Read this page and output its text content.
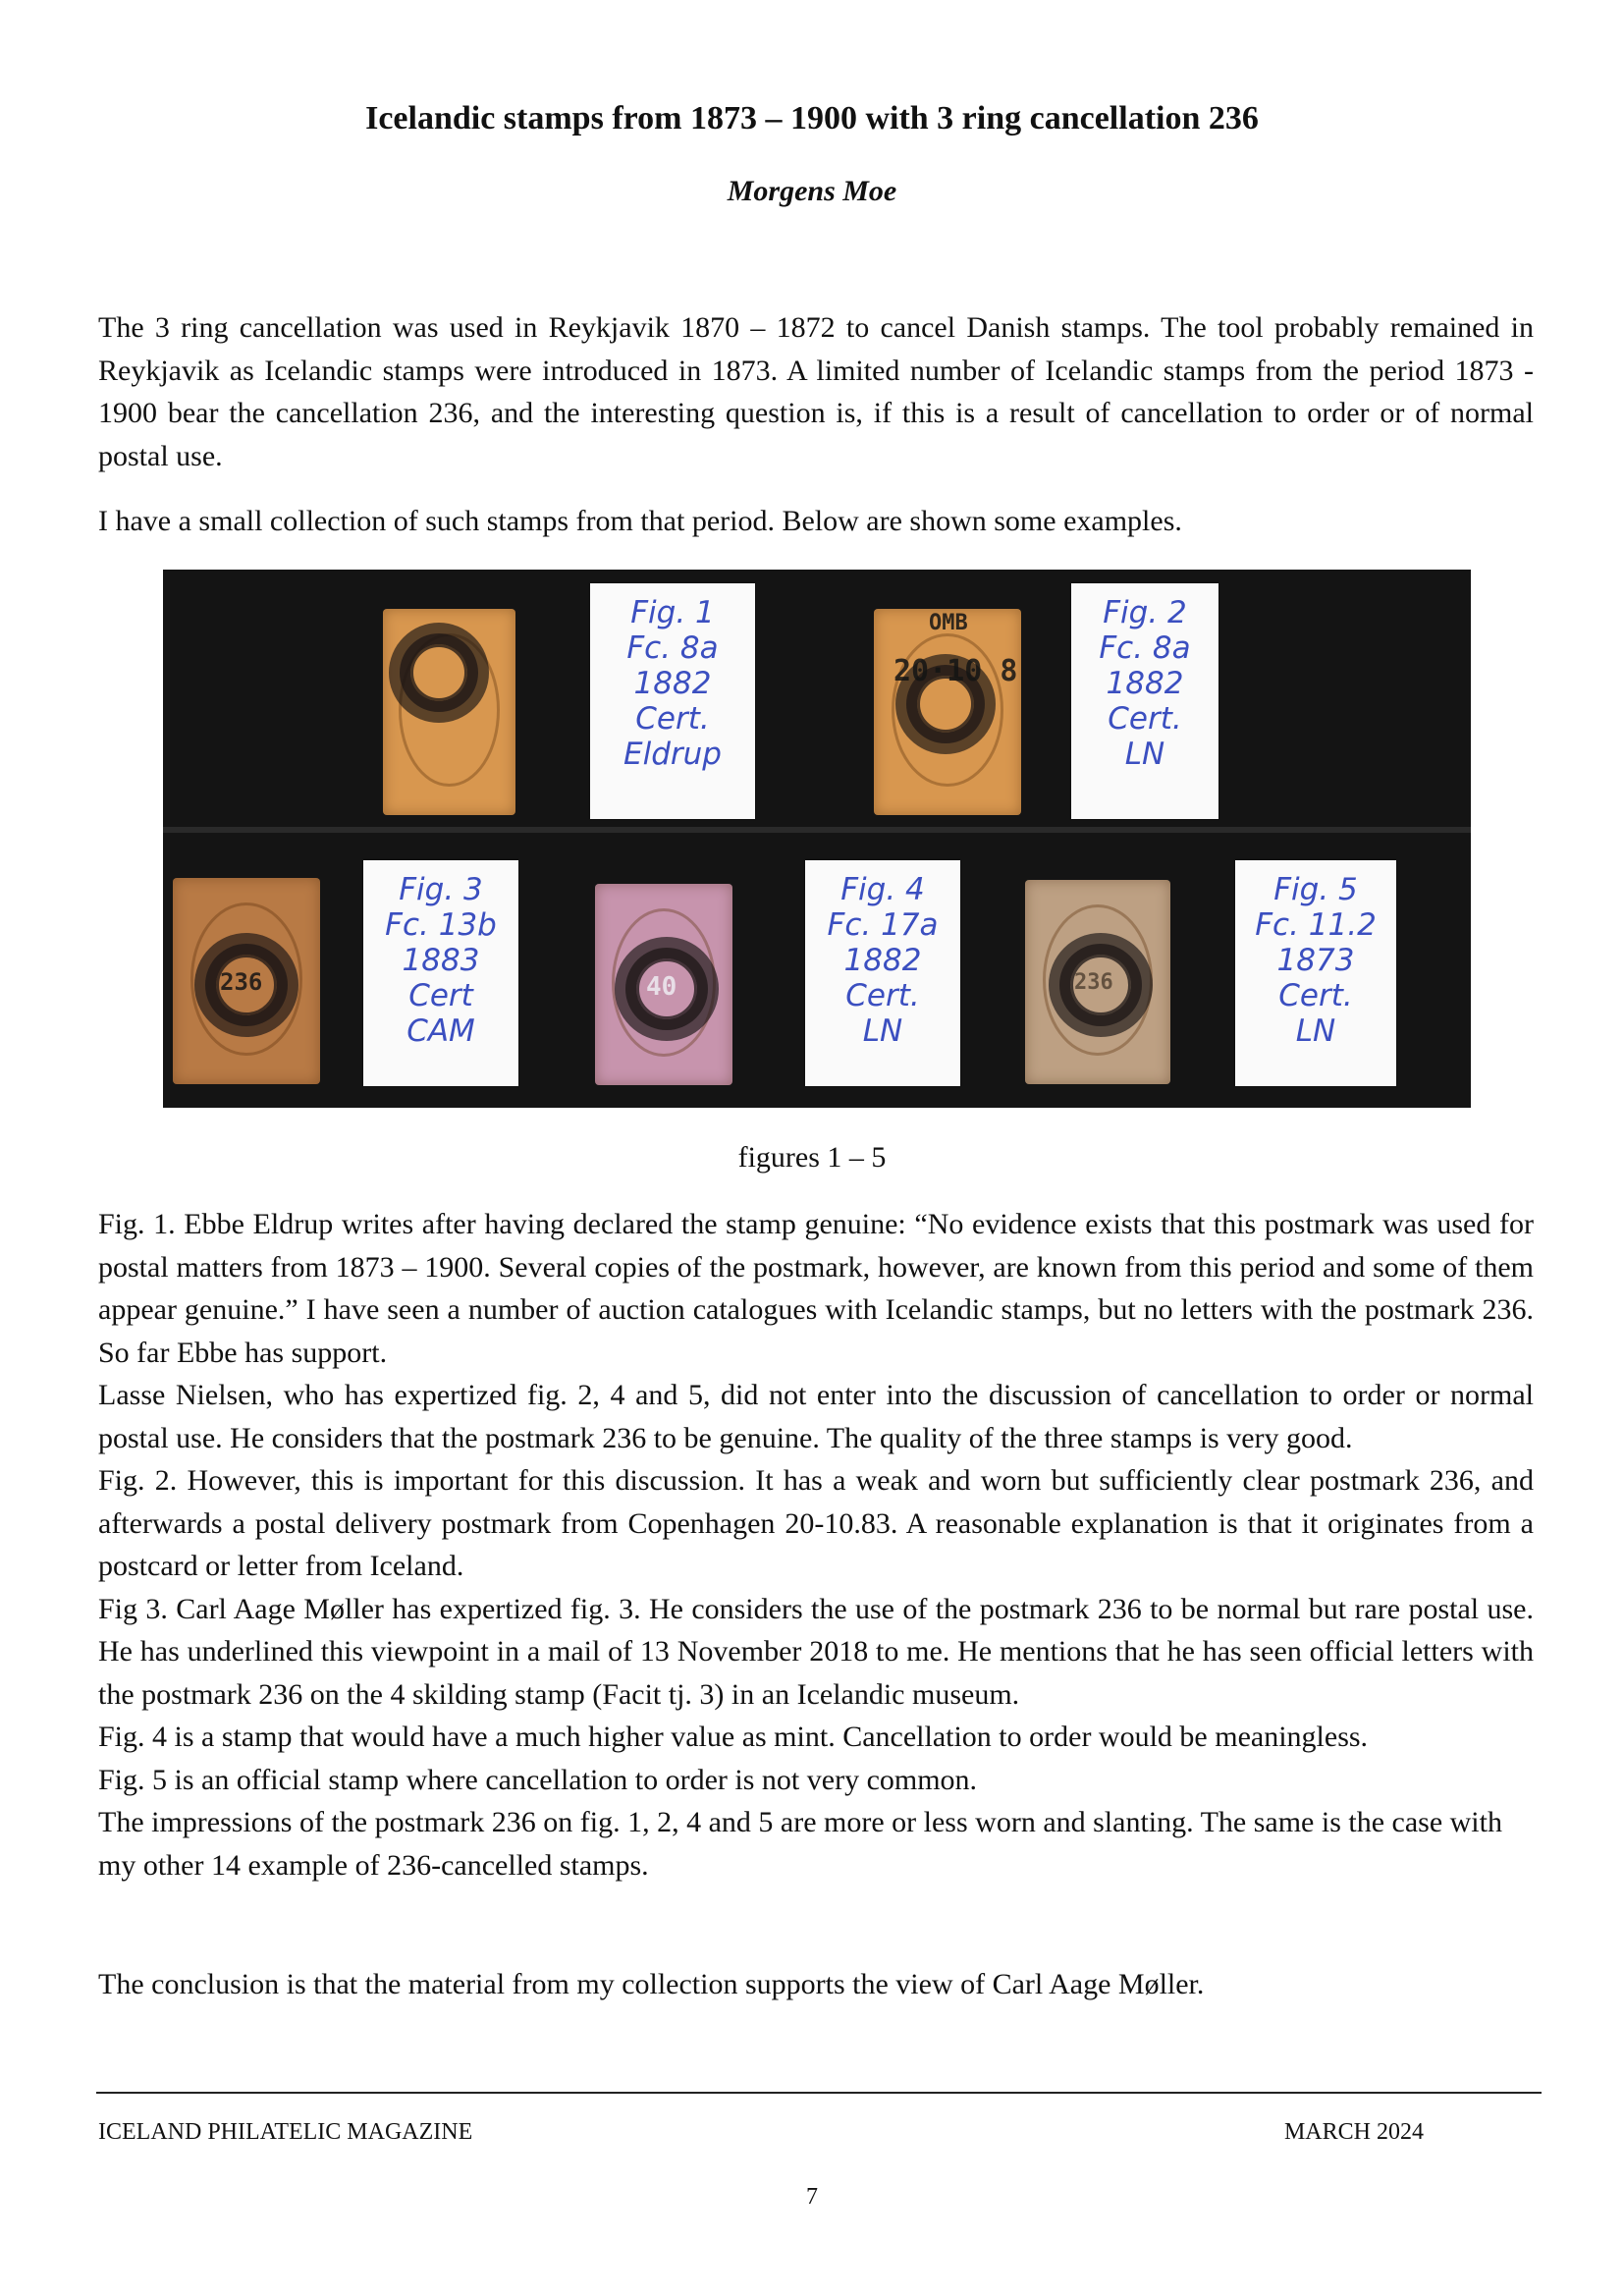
Icelandic stamps from 1873 – 1900 with 3 ring cancellation 236
Morgens Moe

The 3 ring cancellation was used in Reykjavik 1870 – 1872 to cancel Danish stamps. The tool probably remained in Reykjavik as Icelandic stamps were introduced in 1873. A limited number of Icelandic stamps from the period 1873 - 1900 bear the cancellation 236, and the interesting question is, if this is a result of cancellation to order or of normal postal use.

I have a small collection of such stamps from that period. Below are shown some examples.

Fig. 1
Fc. 8a
1882
Cert.
Eldrup
OMB
20·10 8
Fig. 2
Fc. 8a
1882
Cert.
LN
236
Fig. 3
Fc. 13b
1883
Cert
CAM
40
Fig. 4
Fc. 17a
1882
Cert.
LN
236
Fig. 5
Fc. 11.2
1873
Cert.
LN
figures 1 – 5
Fig. 1. Ebbe Eldrup writes after having declared the stamp genuine: “No evidence exists that this postmark was used for postal matters from 1873 – 1900. Several copies of the postmark, however, are known from this period and some of them appear genuine.” I have seen a number of auction catalogues with Icelandic stamps, but no letters with the postmark 236. So far Ebbe has support.
Lasse Nielsen, who has expertized fig. 2, 4 and 5, did not enter into the discussion of cancellation to order or normal postal use. He considers that the postmark 236 to be genuine. The quality of the three stamps is very good.
Fig. 2. However, this is important for this discussion. It has a weak and worn but sufficiently clear postmark 236, and afterwards a postal delivery postmark from Copenhagen 20-10.83. A reasonable explanation is that it originates from a postcard or letter from Iceland.
Fig 3. Carl Aage Møller has expertized fig. 3. He considers the use of the postmark 236 to be normal but rare postal use. He has underlined this viewpoint in a mail of 13 November 2018 to me. He mentions that he has seen official letters with the postmark 236 on the 4 skilding stamp (Facit tj. 3) in an Icelandic museum.
Fig. 4 is a stamp that would have a much higher value as mint. Cancellation to order would be meaningless.
Fig. 5 is an official stamp where cancellation to order is not very common.
The impressions of the postmark 236 on fig. 1, 2, 4 and 5 are more or less worn and slanting. The same is the case with my other 14 example of 236-cancelled stamps.

The conclusion is that the material from my collection supports the view of Carl Aage Møller.

ICELAND PHILATELIC MAGAZINE	MARCH 2024
7
